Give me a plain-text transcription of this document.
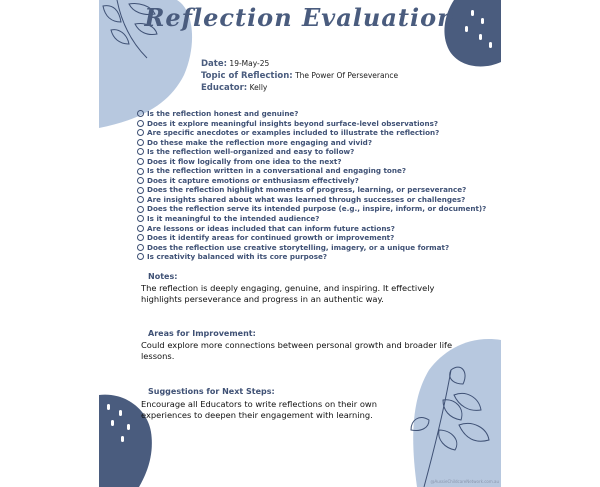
Reflection Evaluation
Date: 19-May-25
Topic of Reflection: The Power Of Perseverance
Educator: Kelly
Is the reflection honest and genuine?
Does it explore meaningful insights beyond surface-level observations?
Are specific anecdotes or examples included to illustrate the reflection?
Do these make the reflection more engaging and vivid?
Is the reflection well-organized and easy to follow?
Does it flow logically from one idea to the next?
Is the reflection written in a conversational and engaging tone?
Does it capture emotions or enthusiasm effectively?
Does the reflection highlight moments of progress, learning, or perseverance?
Are insights shared about what was learned through successes or challenges?
Does the reflection serve its intended purpose (e.g., inspire, inform, or document)?
Is it meaningful to the intended audience?
Are lessons or ideas included that can inform future actions?
Does it identify areas for continued growth or improvement?
Does the reflection use creative storytelling, imagery, or a unique format?
Is creativity balanced with its core purpose?
Notes:
The reflection is deeply engaging, genuine, and inspiring. It effectively highlights perseverance and progress in an authentic way.
Areas for Improvement:
Could explore more connections between personal growth and broader life lessons.
Suggestions for Next Steps:
Encourage all Educators to write reflections on their own experiences to deepen their engagement with learning.
@AussieChildcareNetwork.com.au
